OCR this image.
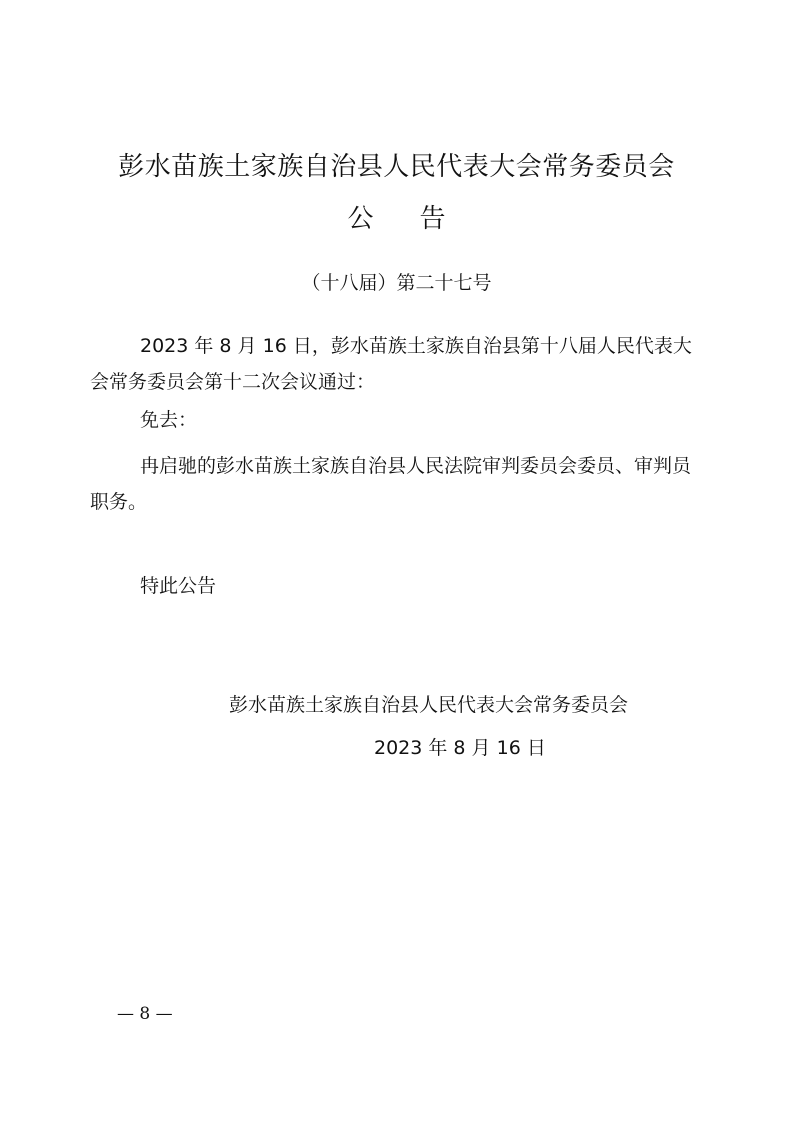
彭水苗族土家族自治县人民代表大会常务委员会
公 告
（十八届）第二十七号

2023 年 8 月 16 日，彭水苗族土家族自治县第十八届人民代表大会常务委员会第十二次会议通过：

免去：

冉启驰的彭水苗族土家族自治县人民法院审判委员会委员、审判员职务。

特此公告

彭水苗族土家族自治县人民代表大会常务委员会
2023 年 8 月 16 日
— 8 —
